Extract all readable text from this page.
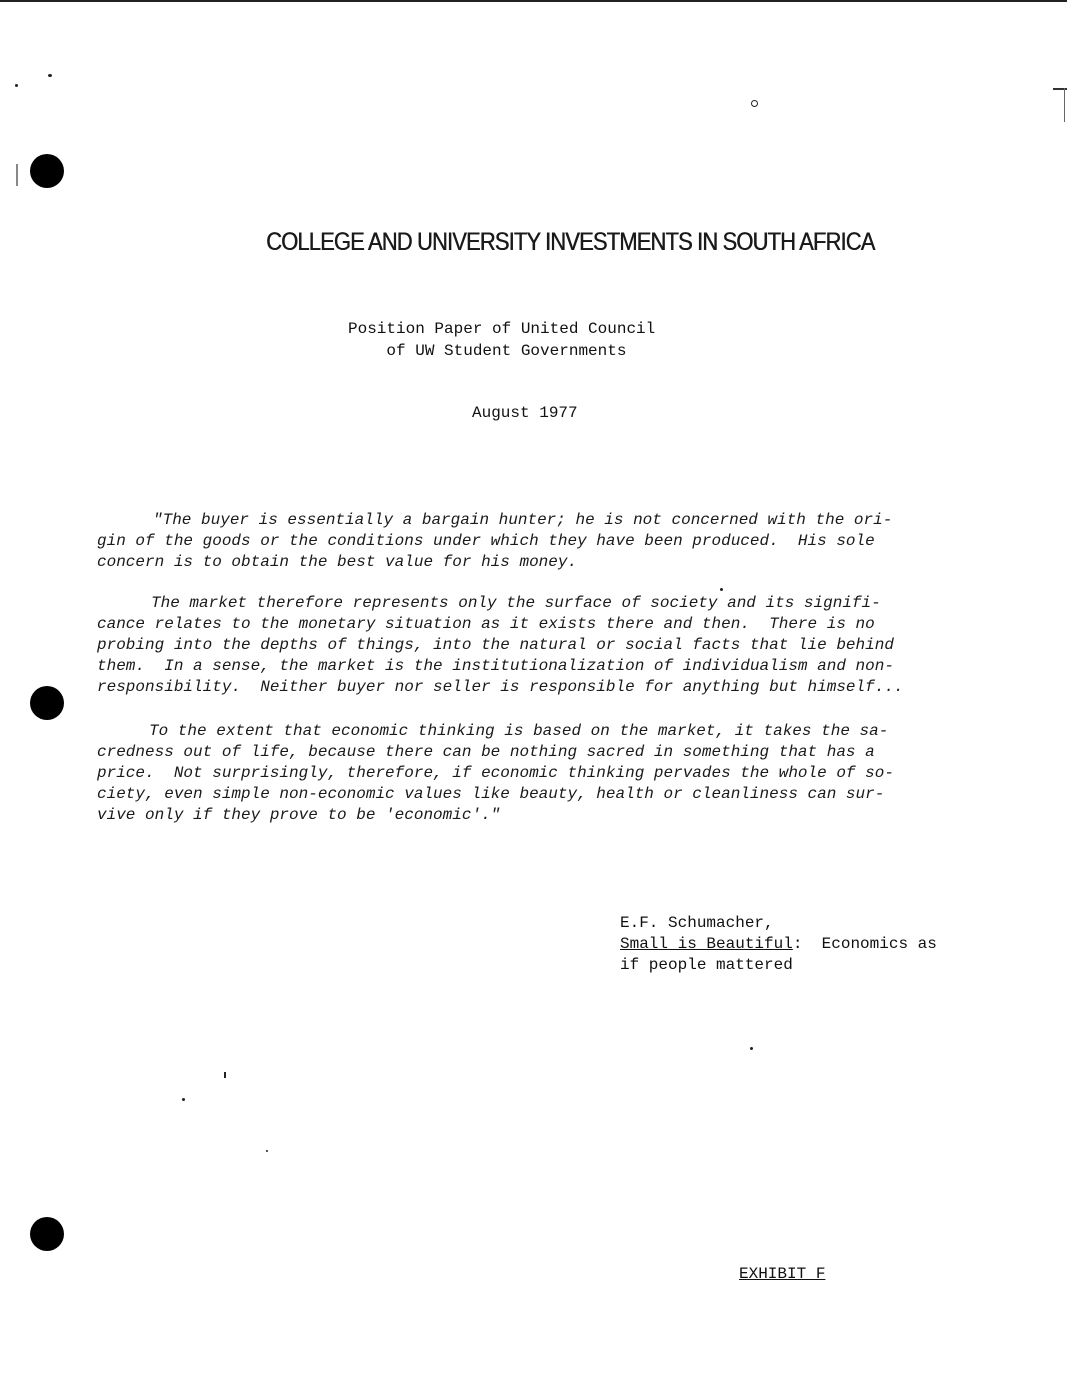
COLLEGE AND UNIVERSITY INVESTMENTS IN SOUTH AFRICA
Position Paper of United Council
of UW Student Governments
August 1977
"The buyer is essentially a bargain hunter; he is not concerned with the ori-
gin of the goods or the conditions under which they have been produced.  His sole
concern is to obtain the best value for his money.
The market therefore represents only the surface of society and its signifi-
cance relates to the monetary situation as it exists there and then.  There is no
probing into the depths of things, into the natural or social facts that lie behind
them.  In a sense, the market is the institutionalization of individualism and non-
responsibility.  Neither buyer nor seller is responsible for anything but himself...
To the extent that economic thinking is based on the market, it takes the sa-
credness out of life, because there can be nothing sacred in something that has a
price.  Not surprisingly, therefore, if economic thinking pervades the whole of so-
ciety, even simple non-economic values like beauty, health or cleanliness can sur-
vive only if they prove to be 'economic'."
E.F. Schumacher,
Small is Beautiful:  Economics as
if people mattered
EXHIBIT F
